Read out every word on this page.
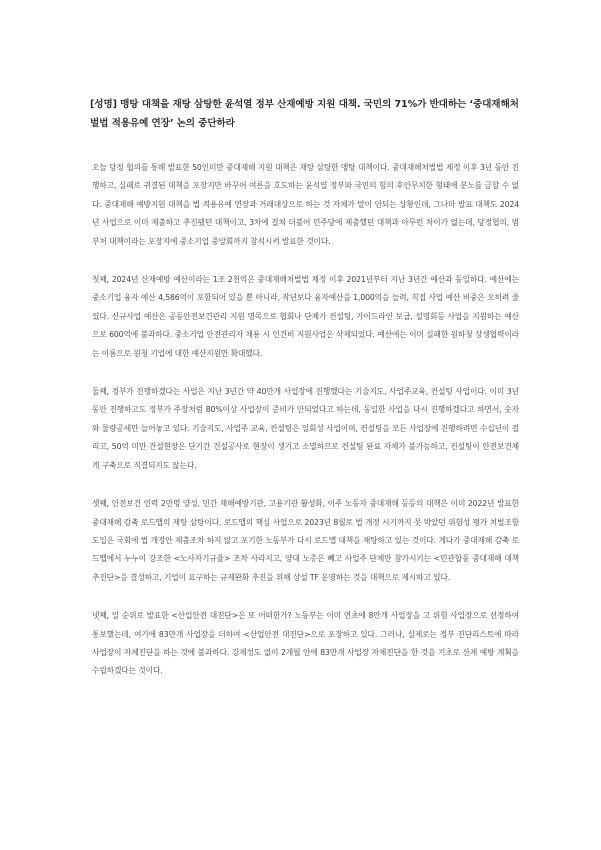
[성명] 맹탕 대책을 재탕 삼탕한 윤석열 정부 산재예방 지원 대책. 국민의 71%가 반대하는 ‘중대재해처벌법 적용유예 연장’ 논의 중단하라

오늘 당정 협의를 통해 발표한 50인미만 중대재해 지원 대책은 재탕 삼탕한 맹탕 대책이다. 중대재해처벌법 제정 이후 3년 동안 진행하고, 실패로 귀결된 대책을 포장지만 바꾸어 여론을 호도하는 윤석열 정부와 국민의 힘의 후안무치한 형태에 분노를 금할 수 없다. 중대재해 예방지원 대책을 법 적용유예 연장과 거래대상으로 하는 것 자체가 말이 안되는 상황인데, 그나마 발표 대책도 2024년 사업으로 이미 제출하고 추진됐던 대책이고, 3차에 걸쳐 더불어 민주당에 제출했던 대책과 아무런 차이가 없는데, 당정협의, 범 부처 대책이라는 포장지에 중소기업 중앙회까지 참석시켜 발표한 것이다.

첫째, 2024년 산재예방 예산이라는 1조 2천억은 중대재해처벌법 제정 이후 2021년부터 지난 3년간 예산과 동일하다. 예산에는 중소기업 융자 예산 4,586억이 포함되어 있을 뿐 아니라, 작년보다 융자예산을 1,000억을 늘려, 직접 사업 예산 비중은 오히려 줄였다. 신규사업 예산은 공동안전보건관리 지원 명목으로 협회나 단체가 컨설팅, 가이드라인 보급, 설명회등 사업을 지원하는 예산으로 600억에 불과하다. 중소기업 안전관리자 채용 시 인건비 지원사업은 삭제되었다. 예산에는 이미 실패한 원하청 상생협력이라는 이름으로 원청 기업에 대한 예산지원만 확대했다.

둘째, 정부가 진행하겠다는 사업은 지난 3년간 약 40만개 사업장에 진행했다는 기술지도, 사업주교육, 컨설팅 사업이다. 이미 3년 동안 진행하고도 정부가 주장처럼 80%이상 사업장이 준비가 안되었다고 하는데, 동일한 사업을 다시 진행하겠다고 하면서, 숫자와 물량공세만 늘어놓고 있다. 기술지도, 사업주 교육, 컨설팅은 일회성 사업이며, 컨설팅을 모든 사업장에 진행하려면 수십년이 걸리고, 50억 미만 건설현장은 단기간 건설공사로 현장이 생기고 소멸하므로 컨설팅 완료 자체가 불가능하고, 컨설팅이 안전보건체계 구축으로 직결되지도 않는다.

셋째, 안전보건 인력 2만명 양성, 민간 재해예방기관, 고용기관 활성화, 이주 노동자 중대재해 등등의 대책은 이미 2022년 발표한 중대재해 감축 로드맵의 재탕 삼탕이다. 로드맵의 핵심 사업으로 2023년 8월로 법 개정 시기까지 못 박았던 위험성 평가 처벌조항 도입은 국회에 법 개정안 제출조차 하지 않고 포기한 노동부가 다시 로드맵 대책을 재탕하고 있는 것이다. 게다가 중대재해 감축 로드맵에서 누누이 강조한 <노사자기규율> 조차 사라지고, 양대 노총은 빼고 사업주 단체만 참가시키는 <민관합동 중대재해 대책 추진단>을 결성하고, 기업이 요구하는 규제완화 추진을 위해 상설 TF 운영하는 것을 대책으로 제시하고 있다.

넷째, 일 순위로 발표한 <산업안전 대진단>은 또 어떠한가? 노동부는 이미 연초에 8만개 사업장을 고 위험 사업장으로 선정하여 통보했는데, 여기에 83만개 사업장을 더하여 <산업안전 대진단>으로 포장하고 있다. 그러나, 실제로는 정부 진단리스트에 따라 사업장이 자체진단을 하는 것에 불과하다. 강제성도 없이 2개월 안에 83만개 사업장 자체진단을 한 것을 기초로 산재 예방 계획을 수립하겠다는 것이다.
